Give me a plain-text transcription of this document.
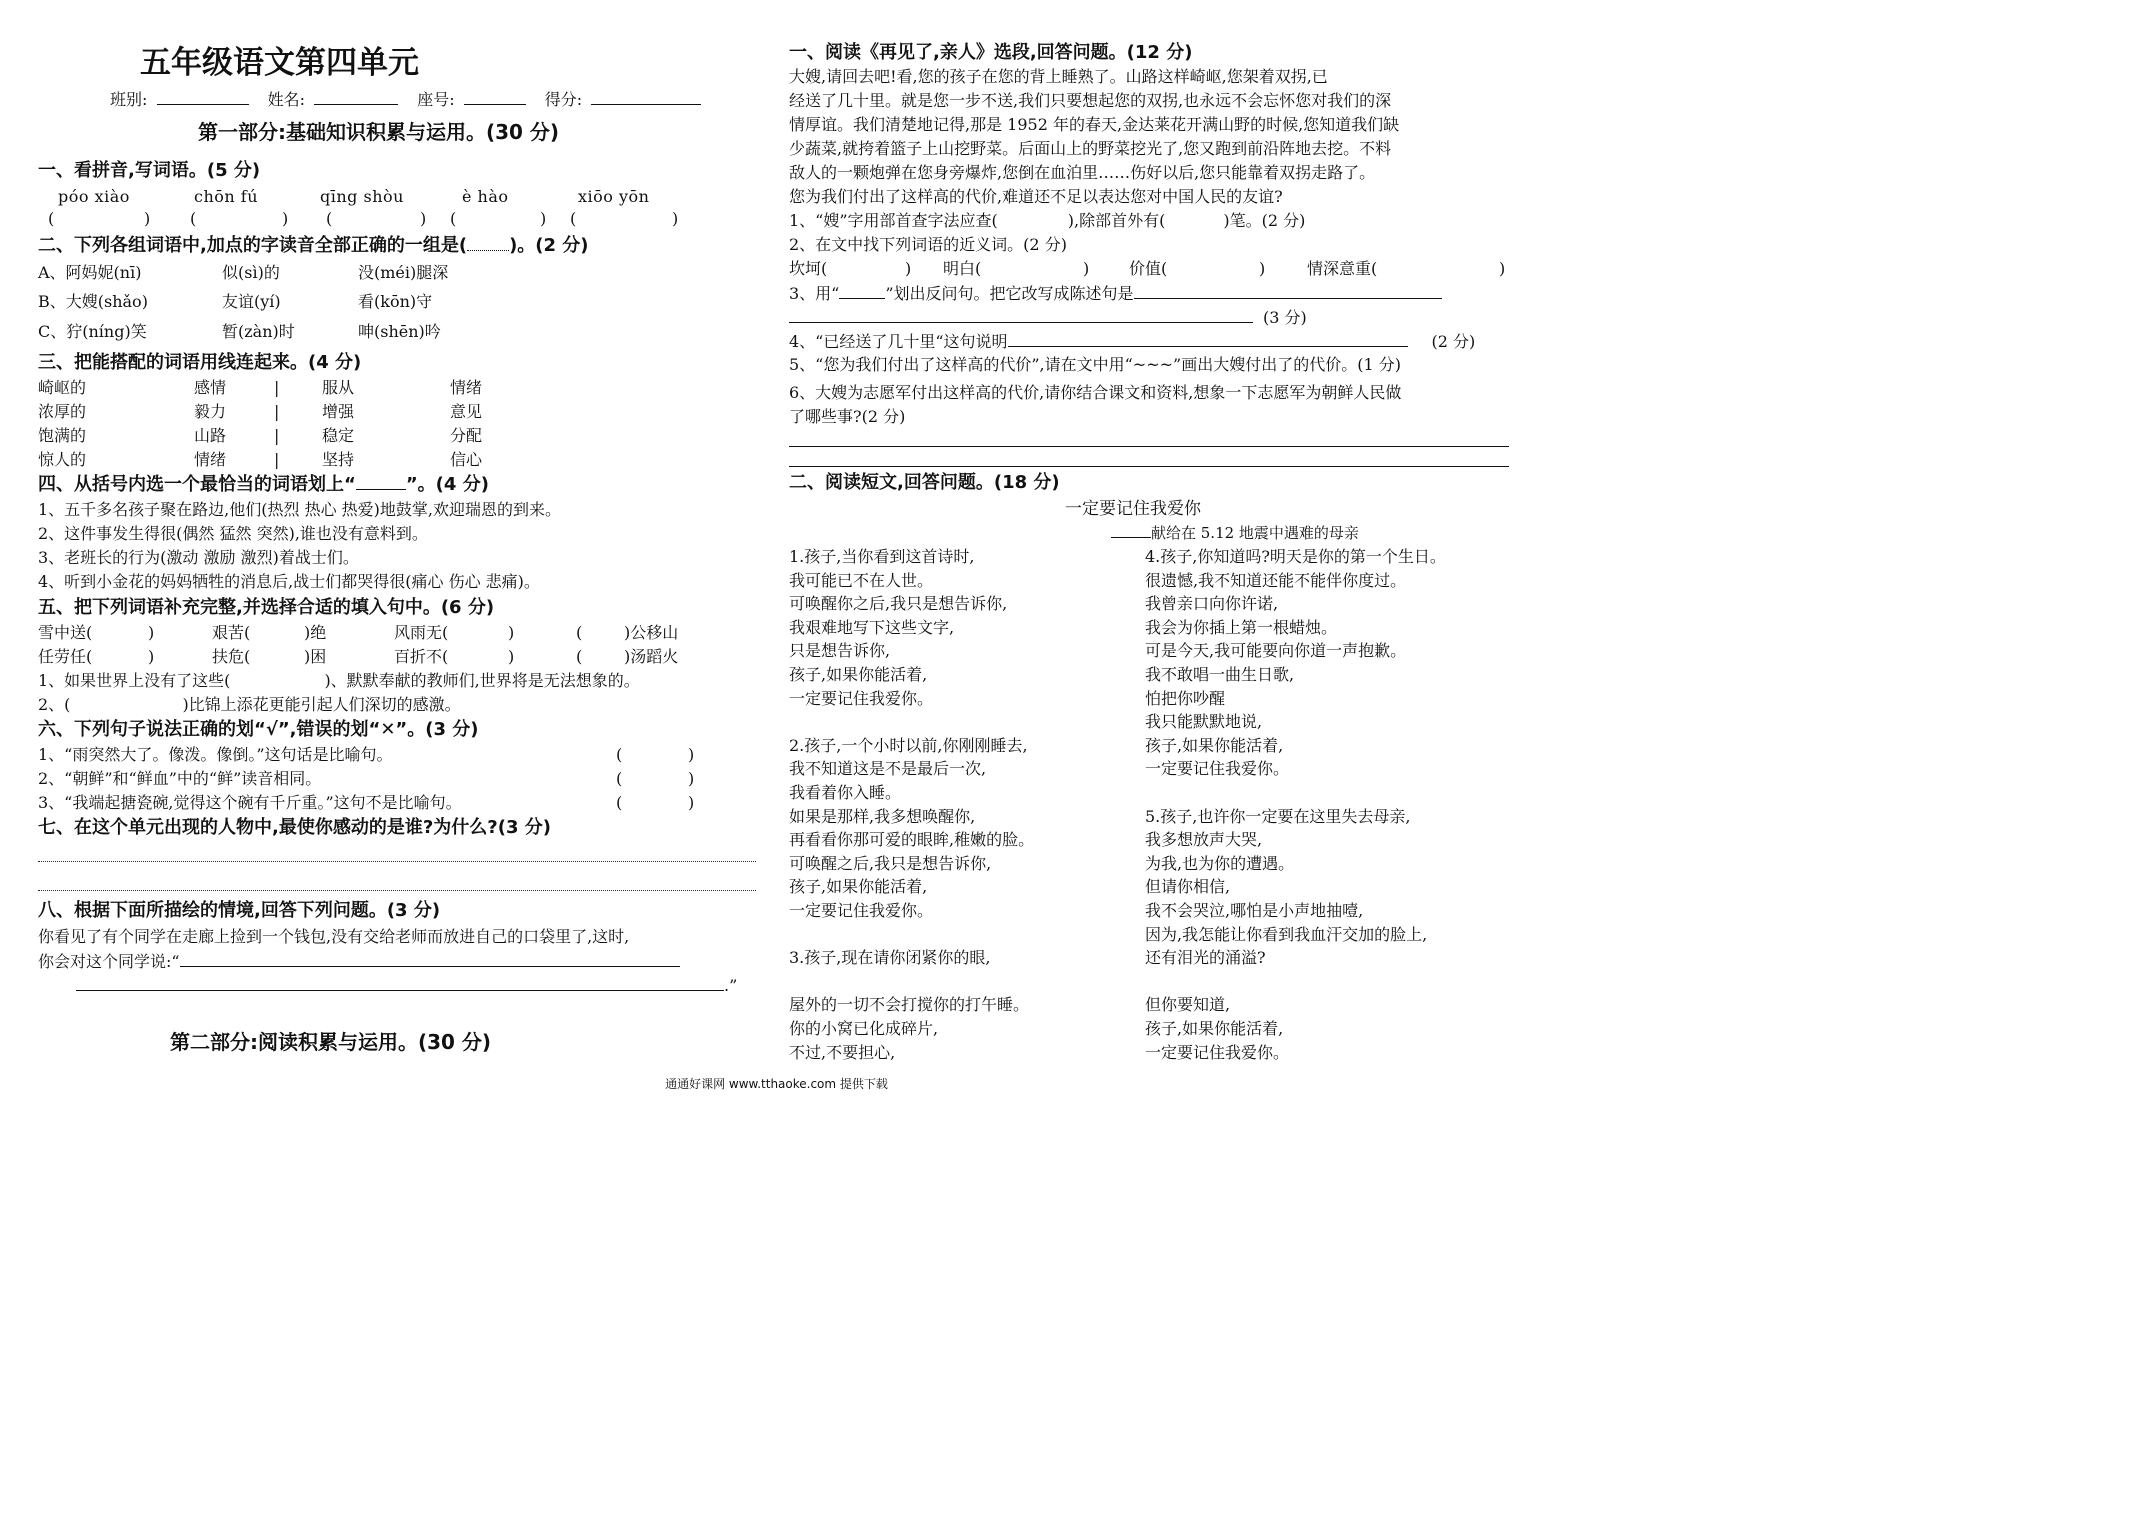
五年级语文第四单元
班别:	姓名:	座号:	得分:
第一部分:基础知识积累与运用。(30 分)
一、看拼音,写词语。(5 分)
póo xiào	chōn fú	qīng shòu	è hào	xiōo yōn
(	) (	) (	) (	) (	)
二、下列各组词语中,加点的字读音全部正确的一组是( )。(2 分)
A、阿妈妮(nī)	似(sì)的	没(méi)腿深
B、大嫂(shǎo)	友谊(yí)	看(kōn)守
C、狞(níng)笑	暂(zàn)时	呻(shēn)吟
三、把能搭配的词语用线连起来。(4 分)
崎岖的	感情	|	服从	情绪
浓厚的	毅力	|	增强	意见
饱满的	山路	|	稳定	分配
惊人的	情绪	|	坚持	信心
四、从括号内选一个最恰当的词语划上“	”。(4 分)
1、五千多名孩子聚在路边,他们(热烈 热心 热爱)地鼓掌,欢迎瑞恩的到来。
2、这件事发生得很(偶然 猛然 突然),谁也没有意料到。
3、老班长的行为(激动 激励 激烈)着战士们。
4、听到小金花的妈妈牺牲的消息后,战士们都哭得很(痛心 伤心 悲痛)。
五、把下列词语补充完整,并选择合适的填入句中。(6 分)
雪中送(	)	艰苦(	)绝	风雨无(	)	(	)公移山
任劳任(	)	扶危(	)困	百折不(	)	(	)汤蹈火
1、如果世界上没有了这些(	)、默默奉献的教师们,世界将是无法想象的。
2、(	)比锦上添花更能引起人们深切的感激。
六、下列句子说法正确的划“√”,错误的划“✕”。(3 分)
1、“雨突然大了。像泼。像倒。”这句话是比喻句。	(	)
2、“朝鲜”和“鲜血”中的“鲜”读音相同。	(	)
3、“我端起搪瓷碗,觉得这个碗有千斤重。”这句不是比喻句。	(	)
七、在这个单元出现的人物中,最使你感动的是谁?为什么?(3 分)
八、根据下面所描绘的情境,回答下列问题。(3 分)
你看见了有个同学在走廊上捡到一个钱包,没有交给老师而放进自己的口袋里了,这时,
你会对这个同学说:“
.”
第二部分:阅读积累与运用。(30 分)
一、阅读《再见了,亲人》选段,回答问题。(12 分)
大嫂,请回去吧!看,您的孩子在您的背上睡熟了。山路这样崎岖,您架着双拐,已
经送了几十里。就是您一步不送,我们只要想起您的双拐,也永远不会忘怀您对我们的深
情厚谊。我们清楚地记得,那是 1952 年的春天,金达莱花开满山野的时候,您知道我们缺
少蔬菜,就挎着篮子上山挖野菜。后面山上的野菜挖光了,您又跑到前沿阵地去挖。不料
敌人的一颗炮弹在您身旁爆炸,您倒在血泊里……伤好以后,您只能靠着双拐走路了。
您为我们付出了这样高的代价,难道还不足以表达您对中国人民的友谊?
1、“嫂”字用部首查字法应查(	),除部首外有(	)笔。(2 分)
2、在文中找下列词语的近义词。(2 分)
坎坷(	) 明白(	) 价值(	)	情深意重(	)
3、用“	”划出反问句。把它改写成陈述句是
(3 分)
4、“已经送了几十里“这句说明	(2 分)
5、“您为我们付出了这样高的代价”,请在文中用“~~~”画出大嫂付出了的代价。(1 分)
6、大嫂为志愿军付出这样高的代价,请你结合课文和资料,想象一下志愿军为朝鲜人民做
了哪些事?(2 分)
二、阅读短文,回答问题。(18 分)
一定要记住我爱你
献给在 5.12 地震中遇难的母亲
1.孩子,当你看到这首诗时,
我可能已不在人世。
可唤醒你之后,我只是想告诉你,
我艰难地写下这些文字,
只是想告诉你,
孩子,如果你能活着,
一定要记住我爱你。
2.孩子,一个小时以前,你刚刚睡去,
我不知道这是不是最后一次,
我看着你入睡。
如果是那样,我多想唤醒你,
再看看你那可爱的眼眸,稚嫩的脸。
可唤醒之后,我只是想告诉你,
孩子,如果你能活着,
一定要记住我爱你。
3.孩子,现在请你闭紧你的眼,
屋外的一切不会打搅你的打午睡。
你的小窝已化成碎片,
不过,不要担心,
4.孩子,你知道吗?明天是你的第一个生日。
很遗憾,我不知道还能不能伴你度过。
我曾亲口向你许诺,
我会为你插上第一根蜡烛。
可是今天,我可能要向你道一声抱歉。
我不敢唱一曲生日歌,
怕把你吵醒
我只能默默地说,
孩子,如果你能活着,
一定要记住我爱你。
5.孩子,也许你一定要在这里失去母亲,
我多想放声大哭,
为我,也为你的遭遇。
但请你相信,
我不会哭泣,哪怕是小声地抽噎,
因为,我怎能让你看到我血汗交加的脸上,
还有泪光的涌溢?
但你要知道,
孩子,如果你能活着,
一定要记住我爱你。
通通好课网 www.tthaoke.com 提供下载
